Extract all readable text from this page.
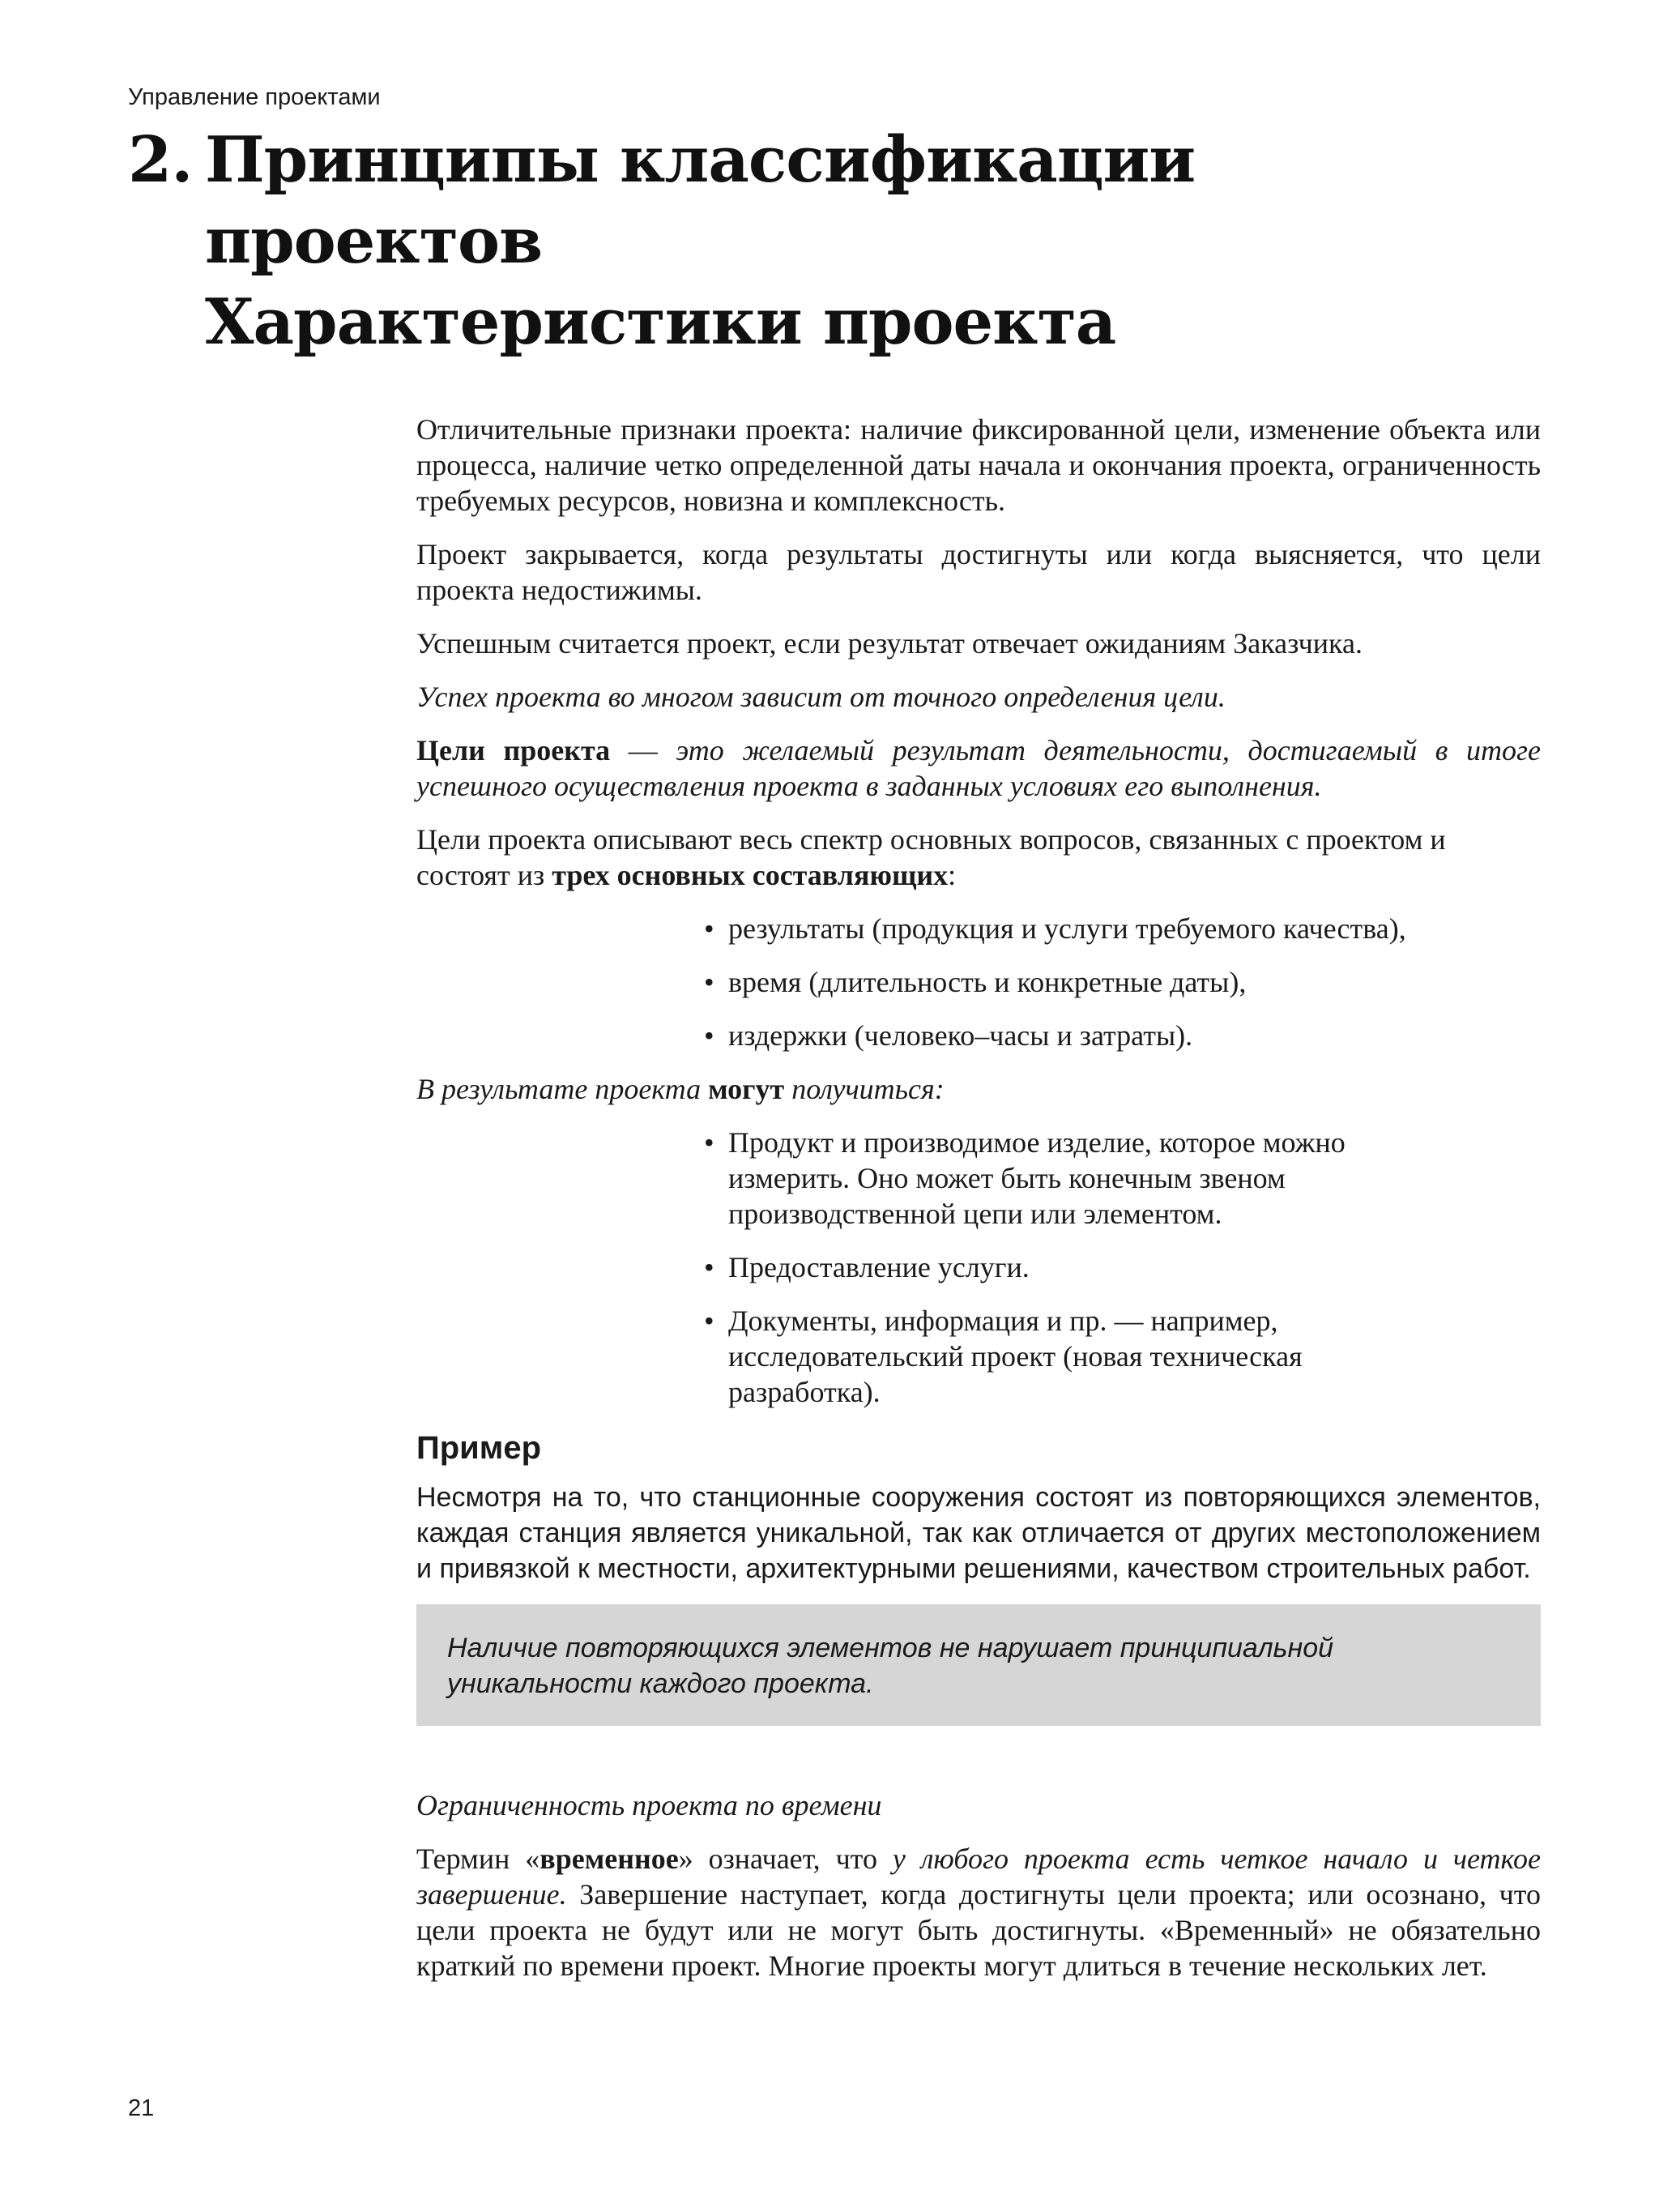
Управление проектами
2. Принципы классификации
проектов
Характеристики проекта

Отличительные признаки проекта: наличие фиксированной цели, изменение объекта или процесса, наличие четко определенной даты начала и окончания проекта, ограниченность требуемых ресурсов, новизна и комплексность.

Проект закрывается, когда результаты достигнуты или когда выясняется, что цели проекта недостижимы.

Успешным считается проект, если результат отвечает ожиданиям Заказчика.

Успех проекта во многом зависит от точного определения цели.

Цели проекта — это желаемый результат деятельности, достигаемый в итоге успешного осуществления проекта в заданных условиях его выполнения.

Цели проекта описывают весь спектр основных вопросов, связанных с проектом и состоят из трех основных составляющих:

• результаты (продукция и услуги требуемого качества),
• время (длительность и конкретные даты),
• издержки (человеко–часы и затраты).

В результате проекта могут получиться:

• Продукт и производимое изделие, которое можно измерить. Оно может быть конечным звеном производственной цепи или элементом.
• Предоставление услуги.
• Документы, информация и пр. — например, исследовательский проект (новая техническая разработка).
Пример

Несмотря на то, что станционные сооружения состоят из повторяющихся элементов, каждая станция является уникальной, так как отличается от других местоположением и привязкой к местности, архитектурными решениями, качеством строительных работ.

Наличие повторяющихся элементов не нарушает принципиальной уникальности каждого проекта.

Ограниченность проекта по времени

Термин «временное» означает, что у любого проекта есть четкое начало и четкое завершение. Завершение наступает, когда достигнуты цели проекта; или осознано, что цели проекта не будут или не могут быть достигнуты. «Временный» не обязательно краткий по времени проект. Многие проекты могут длиться в течение нескольких лет.

21
